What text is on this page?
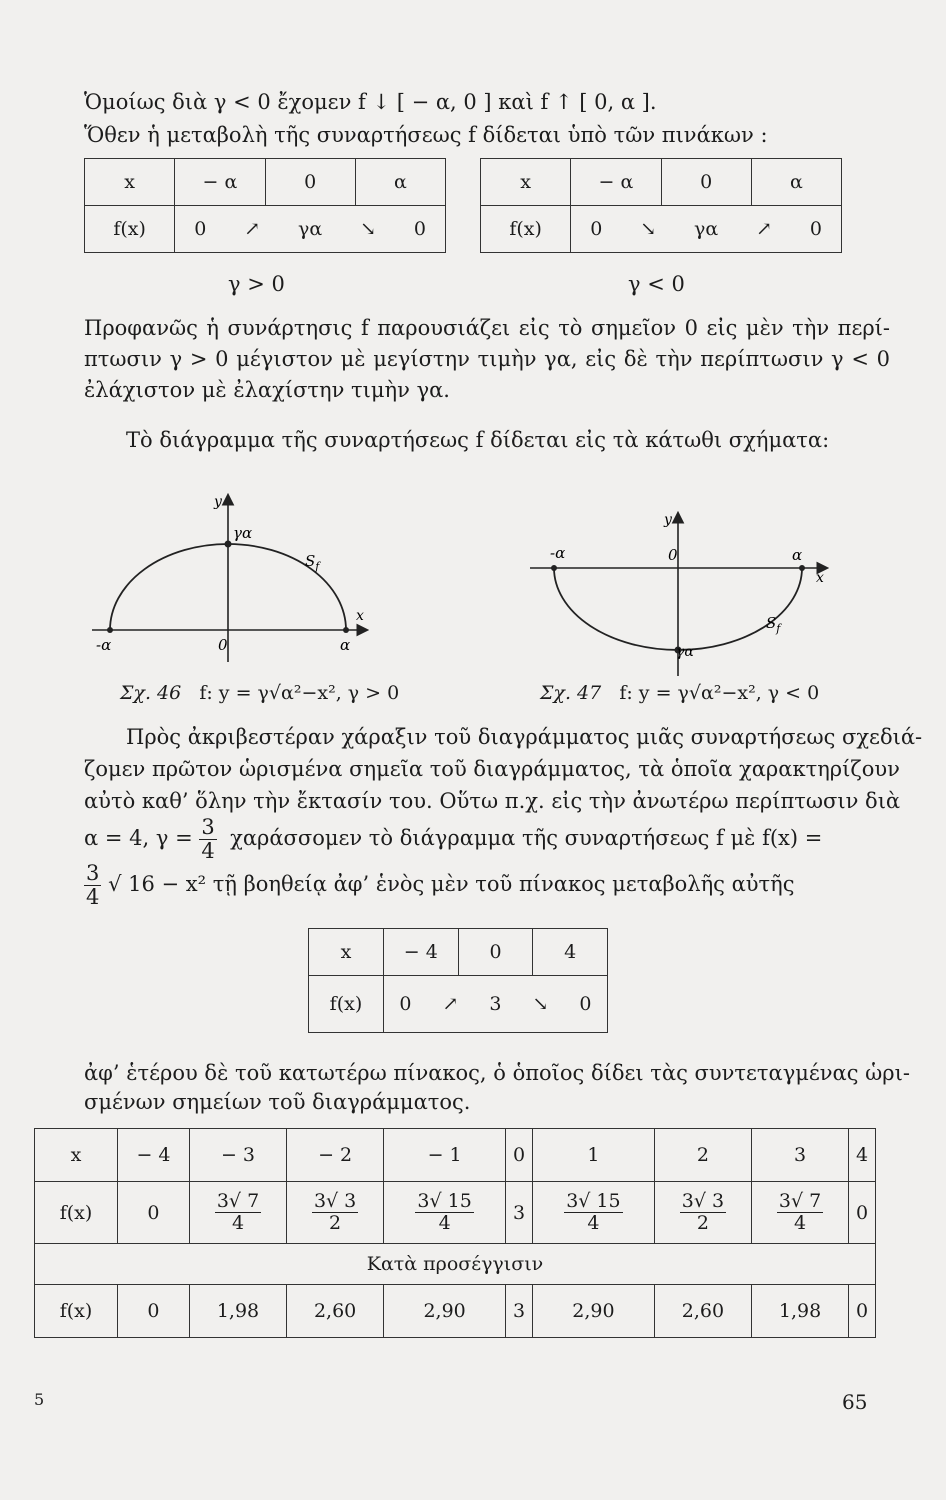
Ὁμοίως διὰ γ < 0 ἔχομεν f ↓ [ − α, 0 ] καὶ f ↑ [ 0, α ].
Ὅθεν ἡ μεταβολὴ τῆς συναρτήσεως f δίδεται ὑπὸ τῶν πινάκων :
x	− α	0	α
f(x)	0 ↗ γα ↘ 0		
γ > 0
x	− α	0	α
f(x)	0 ↘ γα ↗ 0		
γ < 0
Προφανῶς ἡ συνάρτησις f παρουσιάζει εἰς τὸ σημεῖον 0 εἰς μὲν τὴν περί-
πτωσιν γ > 0 μέγιστον μὲ μεγίστην τιμὴν γα, εἰς δὲ τὴν περίπτωσιν γ < 0
ἐλάχιστον μὲ ἐλαχίστην τιμὴν γα.
Τὸ διάγραμμα τῆς συναρτήσεως f δίδεται εἰς τὰ κάτωθι σχήματα:
y
γα
$S_f$
-α	0	α
x
y
-α	0	α
x
$S_f$
γα
Σχ. 46 f: y = γ√α²−x², γ > 0	Σχ. 47 f: y = γ√α²−x², γ < 0
Πρὸς ἀκριβεστέραν χάραξιν τοῦ διαγράμματος μιᾶς συναρτήσεως σχεδιά-
ζομεν πρῶτον ὡρισμένα σημεῖα τοῦ διαγράμματος, τὰ ὁποῖα χαρακτηρίζουν
αὐτὸ καθ’ ὅλην τὴν ἔκτασίν του. Οὕτω π.χ. εἰς τὴν ἀνωτέρω περίπτωσιν διὰ
α = 4, $\gamma = \frac{3}{4}$ χαράσσομεν τὸ διάγραμμα τῆς συναρτήσεως f μὲ f(x) =
$\frac{3}{4}$ √ 16 − x² τῇ βοηθείᾳ ἀφ’ ἑνὸς μὲν τοῦ πίνακος μεταβολῆς αὐτῆς
x	− 4	0	4
f(x)	0 ↗ 3 ↘ 0		
ἀφ’ ἑτέρου δὲ τοῦ κατωτέρω πίνακος, ὁ ὁποῖος δίδει τὰς συντεταγμένας ὡρι-
σμένων σημείων τοῦ διαγράμματος.
x	− 4	− 3	− 2	− 1	0	1	2	3	4
f(x)	0	$\frac{3√ 7}{4}$	$\frac{3√ 3}{2}$	$\frac{3√ 15}{4}$	3	$\frac{3√ 15}{4}$	$\frac{3√ 3}{2}$	$\frac{3√ 7}{4}$	0
Κατὰ προσέγγισιν									
f(x)	0	1,98	2,60	2,90	3	2,90	2,60	1,98	0
5	65
